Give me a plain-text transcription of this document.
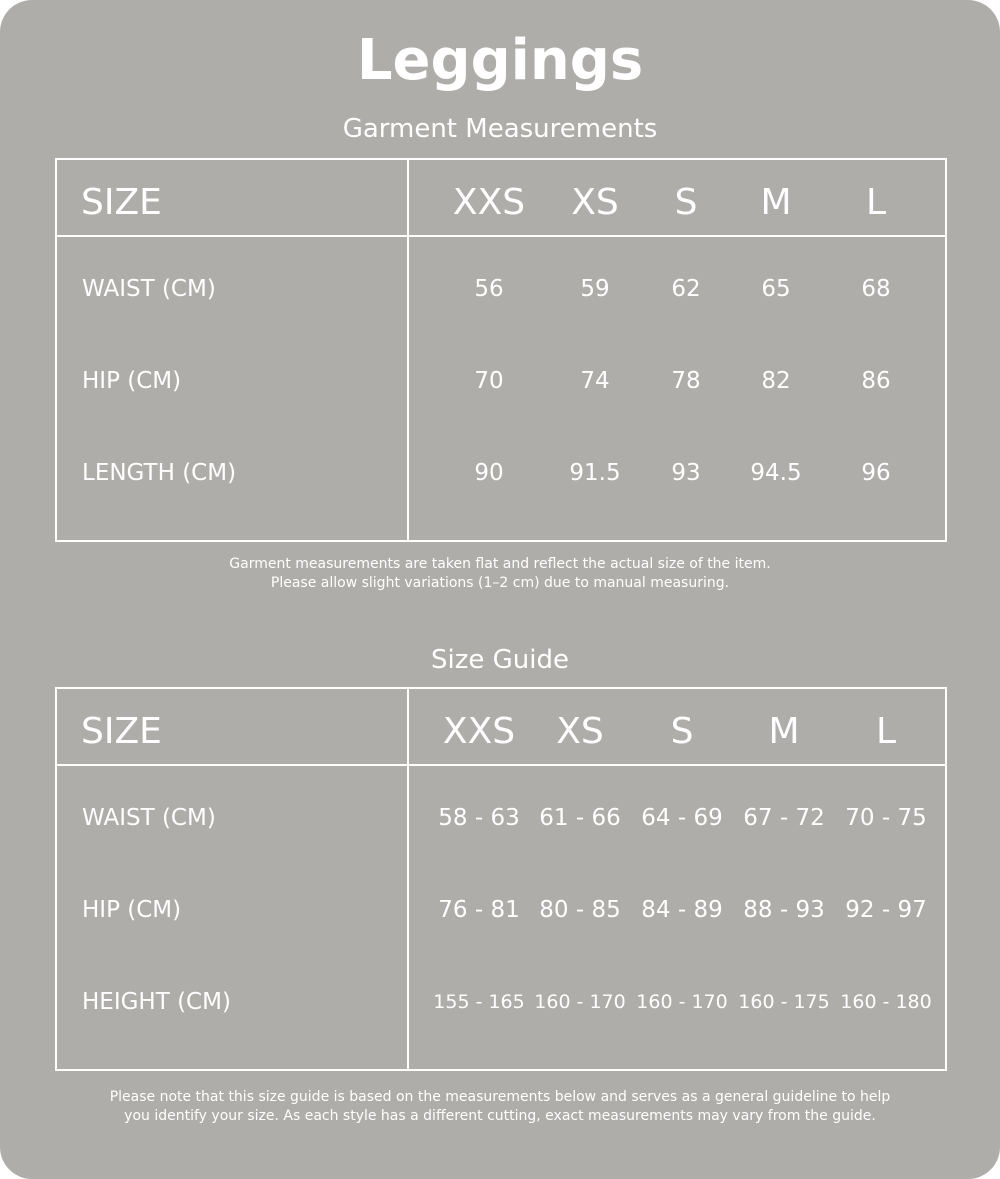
Leggings
Garment Measurements
SIZE	XXS XS S M L
WAIST (CM)	56	59	62	65	68
HIP (CM)	70	74	78	82	86
LENGTH (CM)	90	91.5 93 94.5	96
Garment measurements are taken flat and reflect the actual size of the item.
Please allow slight variations (1–2 cm) due to manual measuring.
Size Guide
SIZE	XXS XS S M L
WAIST (CM)	58 - 63 61 - 66 64 - 69 67 - 72 70 - 75
HIP (CM)	76 - 81 80 - 85 84 - 89 88 - 93 92 - 97
HEIGHT (CM)	155 - 165 160 - 170 160 - 170 160 - 175 160 - 180
Please note that this size guide is based on the measurements below and serves as a general guideline to help
you identify your size. As each style has a different cutting, exact measurements may vary from the guide.
